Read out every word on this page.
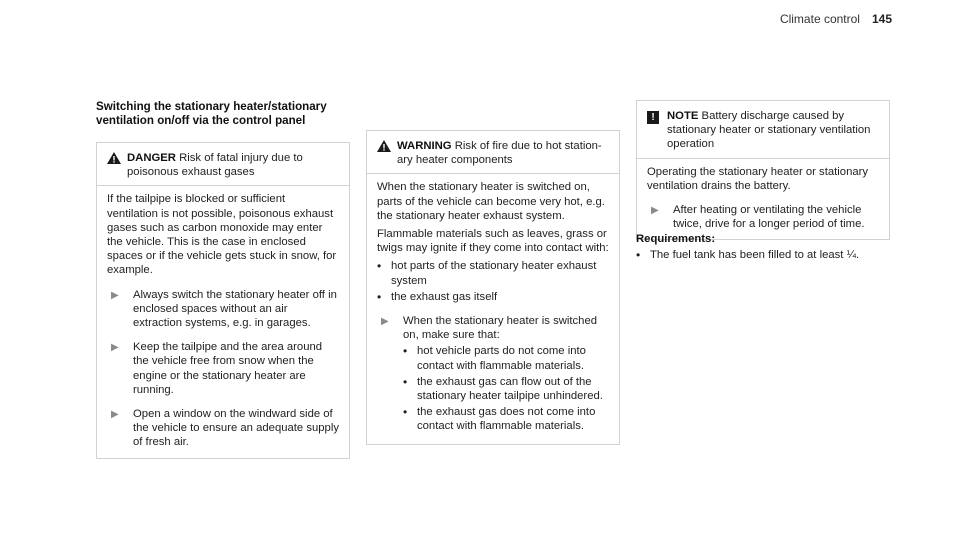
Climate control 145
Switching the stationary heater/stationary ventilation on/off via the control panel
DANGER Risk of fatal injury due to poisonous exhaust gases

If the tailpipe is blocked or sufficient ventilation is not possible, poisonous exhaust gases such as carbon monoxide may enter the vehicle. This is the case in enclosed spaces or if the vehicle gets stuck in snow, for example.

▶	Always switch the stationary heater off in enclosed spaces without an air extraction systems, e.g. in garages.
▶	Keep the tailpipe and the area around the vehicle free from snow when the engine or the stationary heater are running.
▶	Open a window on the windward side of the vehicle to ensure an adequate supply of fresh air.
WARNING Risk of fire due to hot station-ary heater components

When the stationary heater is switched on, parts of the vehicle can become very hot, e.g. the stationary heater exhaust system.

Flammable materials such as leaves, grass or twigs may ignite if they come into contact with:

• hot parts of the stationary heater exhaust system
• the exhaust gas itself
▶	When the stationary heater is switched on, make sure that:
• hot vehicle parts do not come into contact with flammable materials.
• the exhaust gas can flow out of the stationary heater tailpipe unhindered.
• the exhaust gas does not come into contact with flammable materials.
!	NOTE Battery discharge caused by stationary heater or stationary ventilation operation

Operating the stationary heater or stationary ventilation drains the battery.

▶	After heating or ventilating the vehicle twice, drive for a longer period of time.
Requirements:
• The fuel tank has been filled to at least ¼.
